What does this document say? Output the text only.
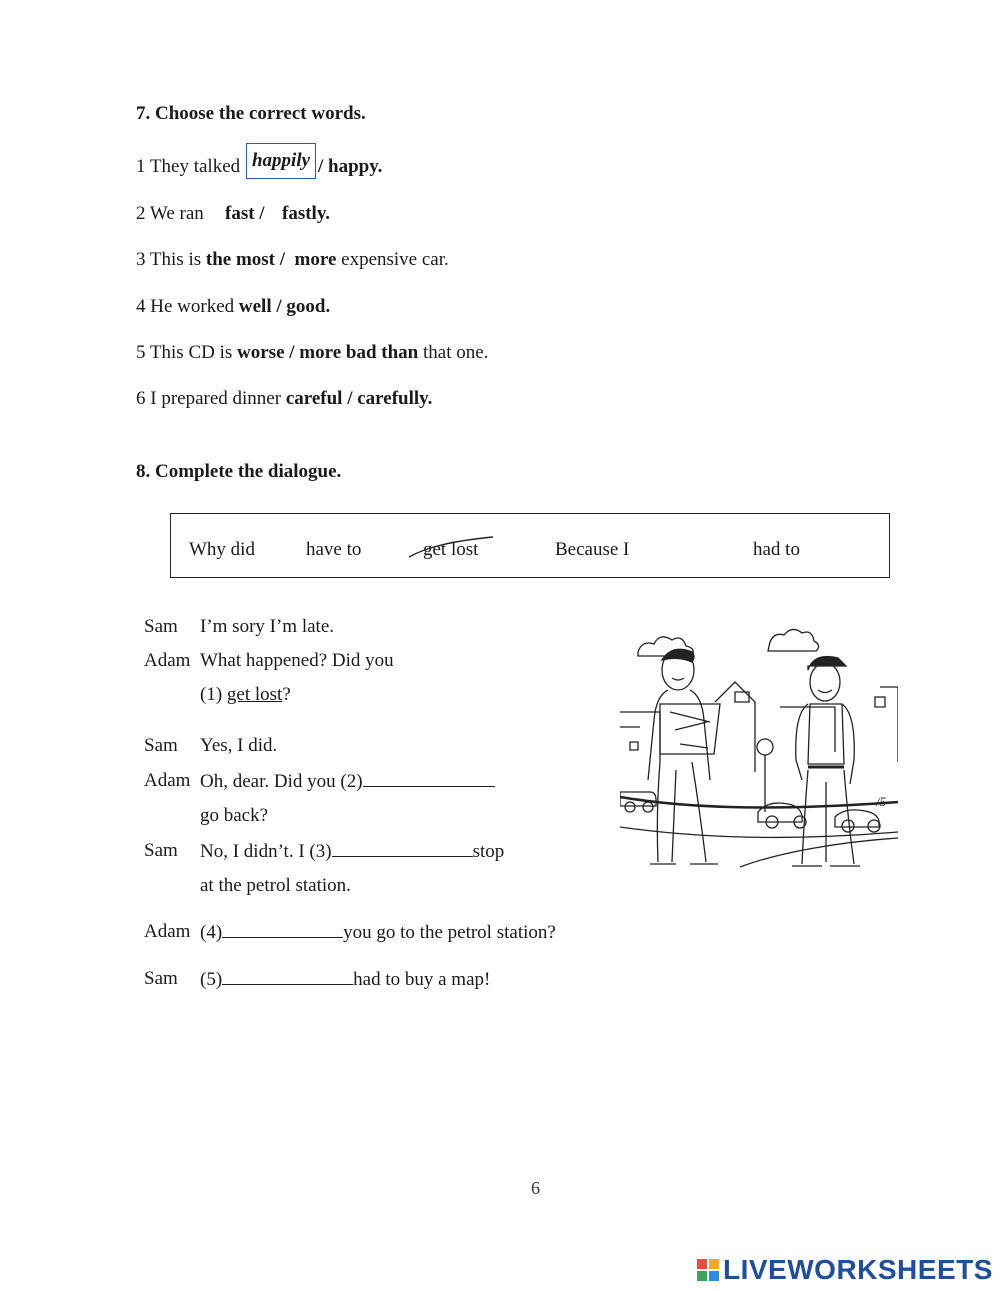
7. Choose the correct words.
1 They talked happily / happy.
2 We ran fast / fastly.
3 This is the most /  more expensive car.
4 He worked well / good.
5 This CD is worse / more bad than that one.
6 I prepared dinner careful / carefully.
8. Complete the dialogue.
Why did	have to	get lost	Because I	had to
Sam I’m sory I’m late.
Adam What happened? Did you
(1) get lost?
Sam Yes, I did.
Adam Oh, dear. Did you (2)
go back?
Sam No, I didn’t. I (3)	stop
at the petrol station.
Adam (4)	you go to the petrol station?
Sam (5)	had to buy a map!
/5
6
LIVEWORKSHEETS
